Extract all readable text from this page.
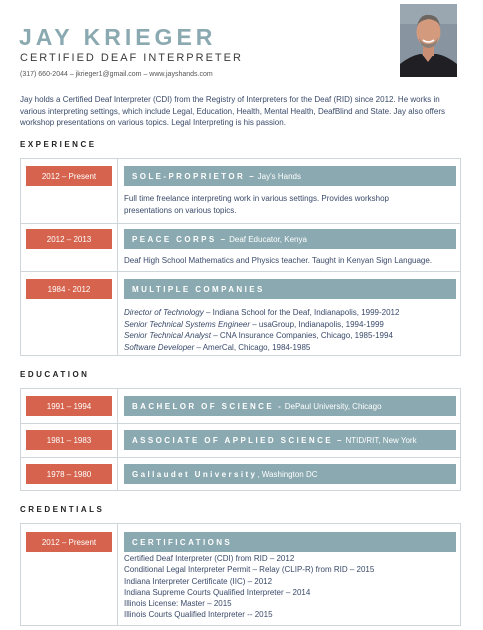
JAY KRIEGER
CERTIFIED DEAF INTERPRETER
(317) 660-2044 – jkrieger1@gmail.com – www.jayshands.com
Jay holds a Certified Deaf Interpreter (CDI) from the Registry of Interpreters for the Deaf (RID) since 2012. He works in various interpreting settings, which include Legal, Education, Health, Mental Health, DeafBlind and State. Jay also offers workshop presentations on various topics. Legal Interpreting is his passion.
EXPERIENCE
2012 – Present	SOLE-PROPRIETOR – Jay's Hands
Full time freelance interpreting work in various settings. Provides workshop
presentations on various topics.
2012 – 2013	PEACE CORPS – Deaf Educator, Kenya
Deaf High School Mathematics and Physics teacher. Taught in Kenyan Sign Language.
1984 - 2012	MULTIPLE COMPANIES
Director of Technology – Indiana School for the Deaf, Indianapolis, 1999-2012
Senior Technical Systems Engineer – usaGroup, Indianapolis, 1994-1999
Senior Technical Analyst – CNA Insurance Companies, Chicago, 1985-1994
Software Developer – AmerCal, Chicago, 1984-1985
EDUCATION
1991 – 1994	BACHELOR OF SCIENCE - DePaul University, Chicago
1981 – 1983	ASSOCIATE OF APPLIED SCIENCE – NTID/RIT, New York
1978 – 1980	Gallaudet University , Washington DC
CREDENTIALS
2012 – Present	CERTIFICATIONS
Certified Deaf Interpreter (CDI) from RID – 2012
Conditional Legal Interpreter Permit – Relay (CLIP-R) from RID – 2015
Indiana Interpreter Certificate (IIC) – 2012
Indiana Supreme Courts Qualified Interpreter – 2014
Illinois License: Master – 2015
Illinois Courts Qualified Interpreter -- 2015
